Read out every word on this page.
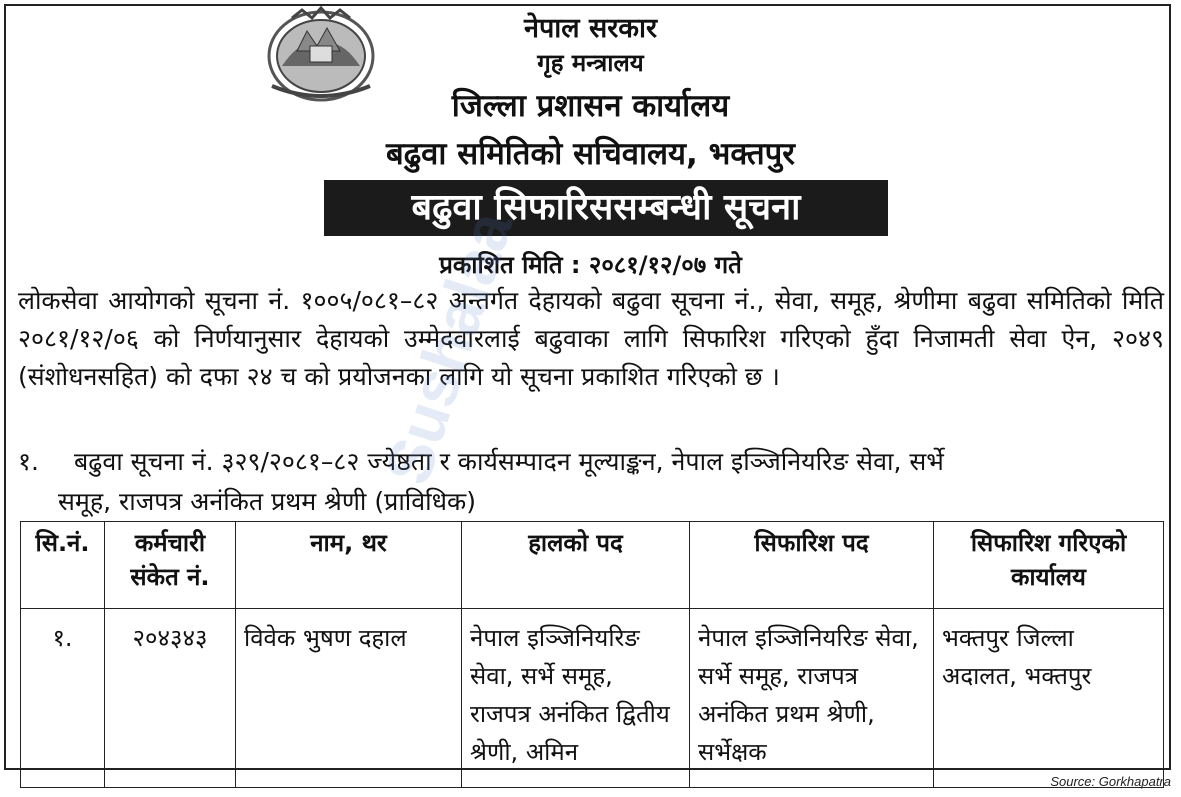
नेपाल सरकार
गृह मन्त्रालय
जिल्ला प्रशासन कार्यालय
बढुवा समितिको सचिवालय, भक्तपुर
बढुवा सिफारिससम्बन्धी सूचना
प्रकाशित मिति : २०८१/१२/०७ गते

लोकसेवा आयोगको सूचना नं. १००५/०८१–८२ अन्तर्गत देहायको बढुवा सूचना नं., सेवा, समूह, श्रेणीमा बढुवा समितिको मिति २०८१/१२/०६ को निर्णयानुसार देहायको उम्मेदवारलाई बढुवाका लागि सिफारिश गरिएको हुँदा निजामती सेवा ऐन, २०४९ (संशोधनसहित) को दफा २४ च को प्रयोजनका लागि यो सूचना प्रकाशित गरिएको छ ।

१.	बढुवा सूचना नं. ३२९/२०८१–८२ ज्येष्ठता र कार्यसम्पादन मूल्याङ्कन, नेपाल इञ्जिनियरिङ सेवा, सर्भे
समूह, राजपत्र अनंकित प्रथम श्रेणी (प्राविधिक)
सि.नं.	कर्मचारी संकेत नं.	नाम, थर	हालको पद	सिफारिश पद	सिफारिश गरिएको कार्यालय
१.	२०४३४३	विवेक भुषण दहाल	नेपाल इञ्जिनियरिङ सेवा, सर्भे समूह, राजपत्र अनंकित द्वितीय श्रेणी, अमिन	नेपाल इञ्जिनियरिङ सेवा, सर्भे समूह, राजपत्र अनंकित प्रथम श्रेणी, सर्भेक्षक	भक्तपुर जिल्ला अदालत, भक्तपुर
Sushalaa
Source: Gorkhapatra
